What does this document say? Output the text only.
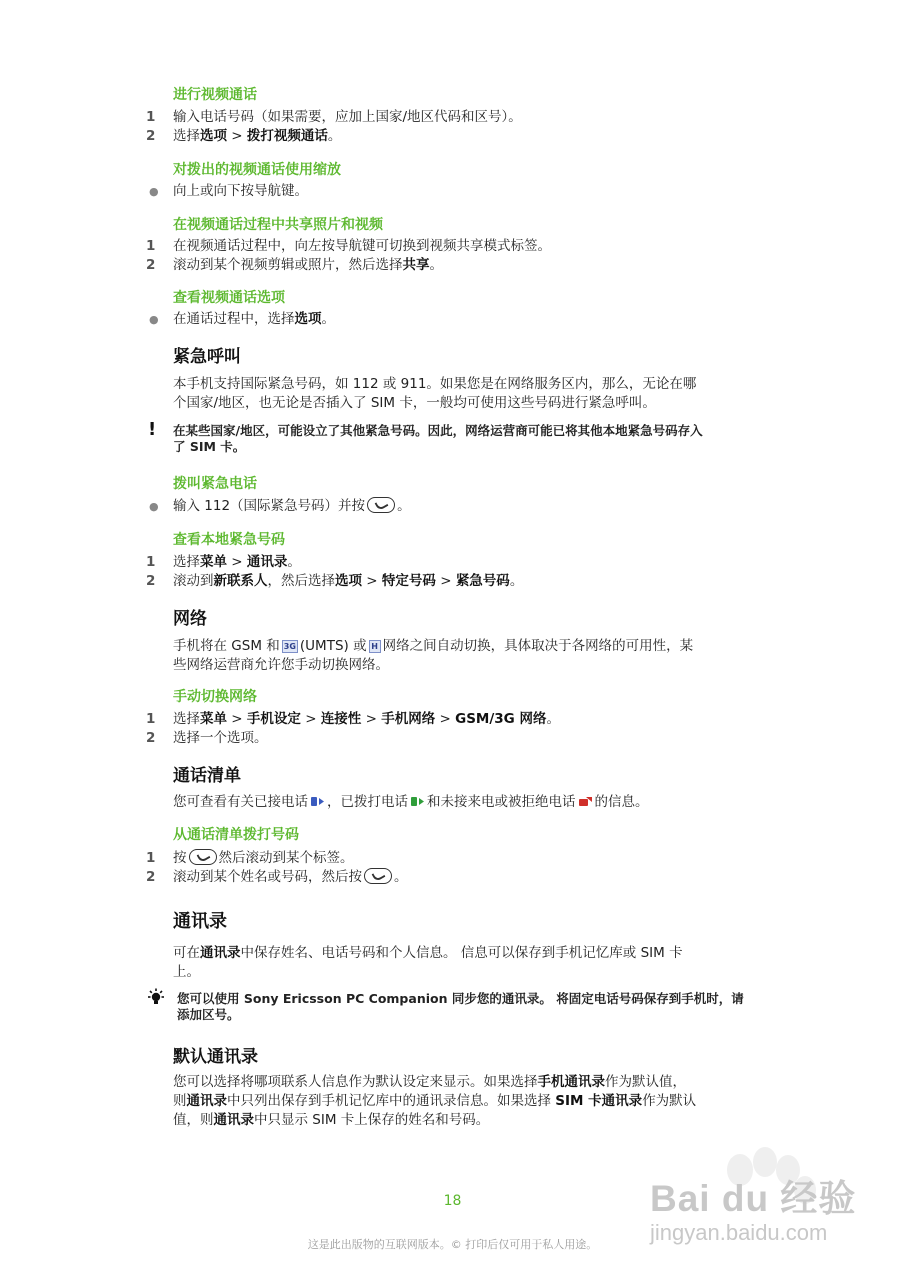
进行视频通话
1 输入电话号码（如果需要，应加上国家/地区代码和区号）。
2 选择选项 > 拨打视频通话。
对拨出的视频通话使用缩放
● 向上或向下按导航键。
在视频通话过程中共享照片和视频
1 在视频通话过程中，向左按导航键可切换到视频共享模式标签。
2 滚动到某个视频剪辑或照片，然后选择共享。
查看视频通话选项
● 在通话过程中，选择选项。
紧急呼叫
本手机支持国际紧急号码，如 112 或 911。如果您是在网络服务区内，那么，无论在哪
个国家/地区，也无论是否插入了 SIM 卡，一般均可使用这些号码进行紧急呼叫。
! 在某些国家/地区，可能设立了其他紧急号码。因此，网络运营商可能已将其他本地紧急号码存入
了 SIM 卡。
拨叫紧急电话
● 输入 112（国际紧急号码）并按 。
查看本地紧急号码
1 选择菜单 > 通讯录。
2 滚动到新联系人，然后选择选项 > 特定号码 > 紧急号码。
网络
手机将在 GSM 和 3G (UMTS) 或 H 网络之间自动切换，具体取决于各网络的可用性，某
些网络运营商允许您手动切换网络。
手动切换网络
1 选择菜单 > 手机设定 > 连接性 > 手机网络 > GSM/3G 网络。
2 选择一个选项。
通话清单
您可查看有关已接电话 ，已拨打电话 和未接来电或被拒绝电话 的信息。
从通话清单拨打号码
1 按 然后滚动到某个标签。
2 滚动到某个姓名或号码，然后按 。
通讯录
可在通讯录中保存姓名、电话号码和个人信息。 信息可以保存到手机记忆库或 SIM 卡
上。
您可以使用 Sony Ericsson PC Companion 同步您的通讯录。 将固定电话号码保存到手机时，请
添加区号。
默认通讯录
您可以选择将哪项联系人信息作为默认设定来显示。如果选择手机通讯录作为默认值，
则通讯录中只列出保存到手机记忆库中的通讯录信息。如果选择 SIM 卡通讯录作为默认
值，则通讯录中只显示 SIM 卡上保存的姓名和号码。
Bai du 经验
jingyan.baidu.com
18
这是此出版物的互联网版本。© 打印后仅可用于私人用途。
